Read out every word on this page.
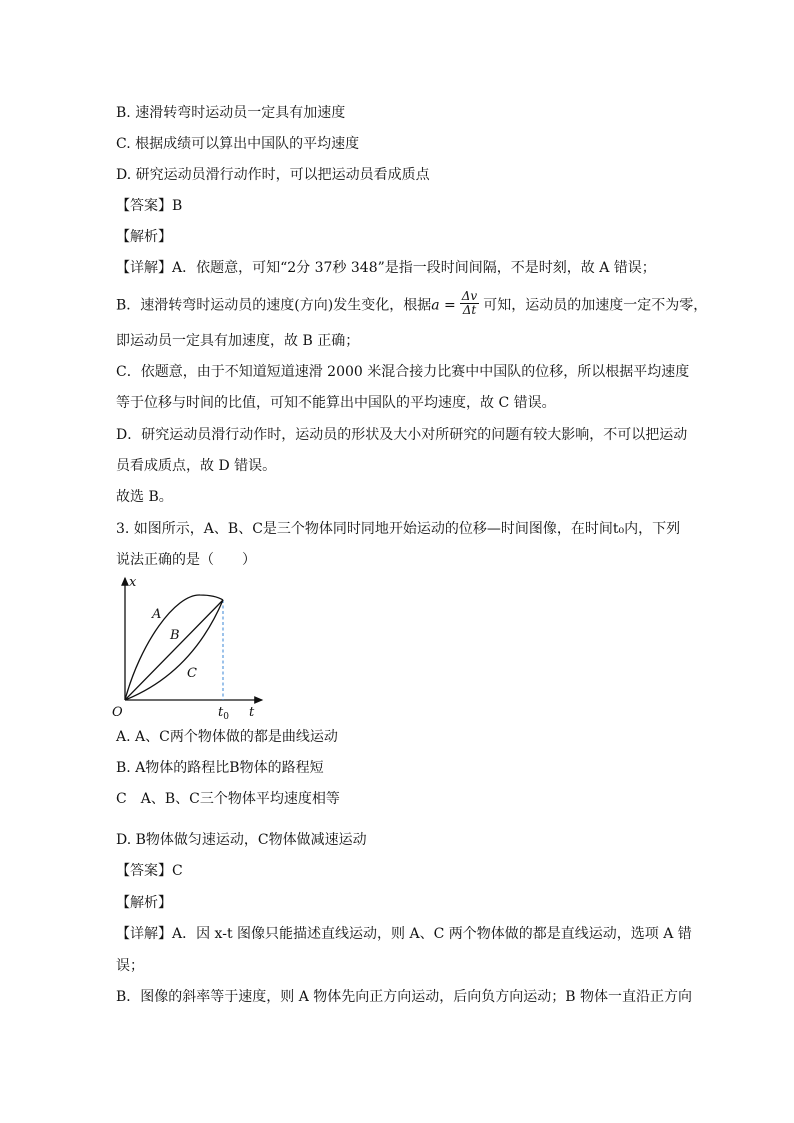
B. 速滑转弯时运动员一定具有加速度
C. 根据成绩可以算出中国队的平均速度
D. 研究运动员滑行动作时，可以把运动员看成质点
【答案】B
【解析】
【详解】A．依题意，可知“2分 37秒 348”是指一段时间间隔，不是时刻，故 A 错误；
B．速滑转弯时运动员的速度(方向)发生变化，根据$a = \frac{\Delta v}{\Delta t}$ 可知，运动员的加速度一定不为零，
即运动员一定具有加速度，故 B 正确；
C．依题意，由于不知道短道速滑 2000 米混合接力比赛中中国队的位移，所以根据平均速度
等于位移与时间的比值，可知不能算出中国队的平均速度，故 C 错误。
D．研究运动员滑行动作时，运动员的形状及大小对所研究的问题有较大影响，不可以把运动
员看成质点，故 D 错误。
故选 B。
3. 如图所示，A、B、C是三个物体同时同地开始运动的位移—时间图像，在时间t₀内，下列
说法正确的是（　　）
x
t
O	$t_0$
A
B
C
A. A、C两个物体做的都是曲线运动
B. A物体的路程比B物体的路程短
C　A、B、C三个物体平均速度相等
D. B物体做匀速运动，C物体做减速运动
【答案】C
【解析】
【详解】A．因 x-t 图像只能描述直线运动，则 A、C 两个物体做的都是直线运动，选项 A 错
误；
B．图像的斜率等于速度，则 A 物体先向正方向运动，后向负方向运动；B 物体一直沿正方向
